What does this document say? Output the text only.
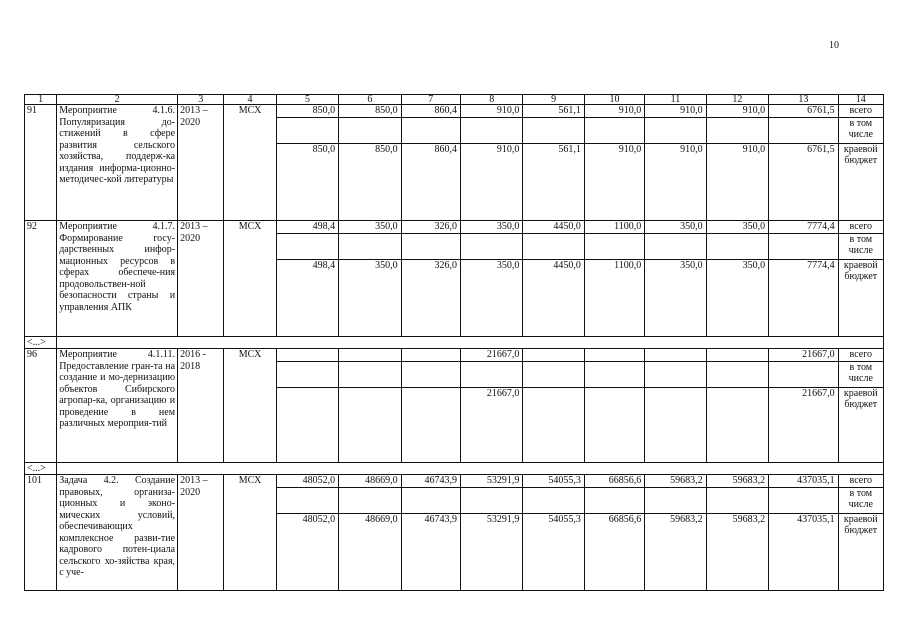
10
1	2	3	4	5	6	7	8	9	10	11	12	13	14
91	Мероприятие 4.1.6. Популяризация до-стижений в сфере развития сельского хозяйства, поддерж-ка издания информа-ционно-методичес-кой литературы	2013 – 2020	МСХ	850,0	850,0	860,4	910,0	561,1	910,0	910,0	910,0	6761,5	всего
													в том числе
				850,0	850,0	860,4	910,0	561,1	910,0	910,0	910,0	6761,5	краевой бюджет
92	Мероприятие 4.1.7. Формирование госу-дарственных инфор-мационных ресурсов в сферах обеспече-ния продовольствен-ной безопасности страны и управления АПК	2013 – 2020	МСХ	498,4	350,0	326,0	350,0	4450,0	1100,0	350,0	350,0	7774,4	всего
													в том числе
				498,4	350,0	326,0	350,0	4450,0	1100,0	350,0	350,0	7774,4	краевой бюджет
<...>													
96	Мероприятие 4.1.11. Предоставление гран-та на создание и мо-дернизацию объектов Сибирского агропар-ка, организацию и проведение в нем различных мероприя-тий	2016 - 2018	МСХ				21667,0					21667,0	всего
													в том числе
							21667,0					21667,0	краевой бюджет
<...>													
101	Задача 4.2. Создание правовых, организа-ционных и эконо-мических условий, обеспечивающих комплексное разви-тие кадрового потен-циала сельского хо-зяйства края, с уче-	2013 – 2020	МСХ	48052,0	48669,0	46743,9	53291,9	54055,3	66856,6	59683,2	59683,2	437035,1	всего
													в том числе
				48052,0	48669,0	46743,9	53291,9	54055,3	66856,6	59683,2	59683,2	437035,1	краевой бюджет
